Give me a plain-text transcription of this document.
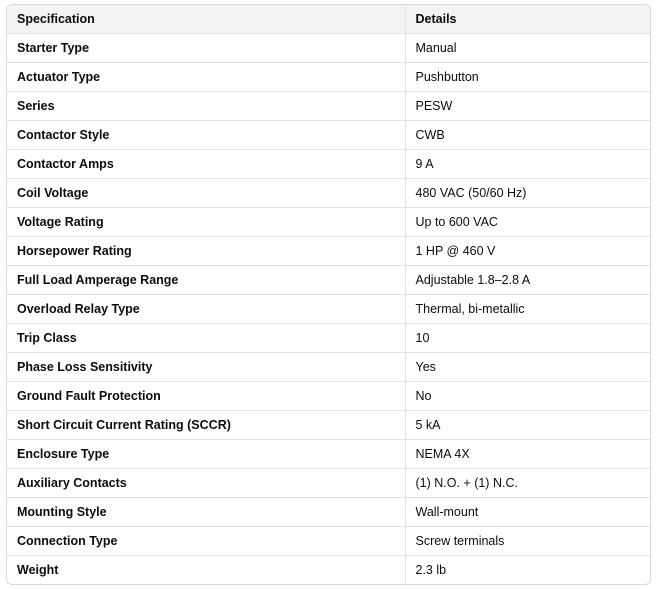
Specification	Details
Starter Type	Manual
Actuator Type	Pushbutton
Series	PESW
Contactor Style	CWB
Contactor Amps	9 A
Coil Voltage	480 VAC (50/60 Hz)
Voltage Rating	Up to 600 VAC
Horsepower Rating	1 HP @ 460 V
Full Load Amperage Range	Adjustable 1.8–2.8 A
Overload Relay Type	Thermal, bi-metallic
Trip Class	10
Phase Loss Sensitivity	Yes
Ground Fault Protection	No
Short Circuit Current Rating (SCCR)	5 kA
Enclosure Type	NEMA 4X
Auxiliary Contacts	(1) N.O. + (1) N.C.
Mounting Style	Wall-mount
Connection Type	Screw terminals
Weight	2.3 lb
